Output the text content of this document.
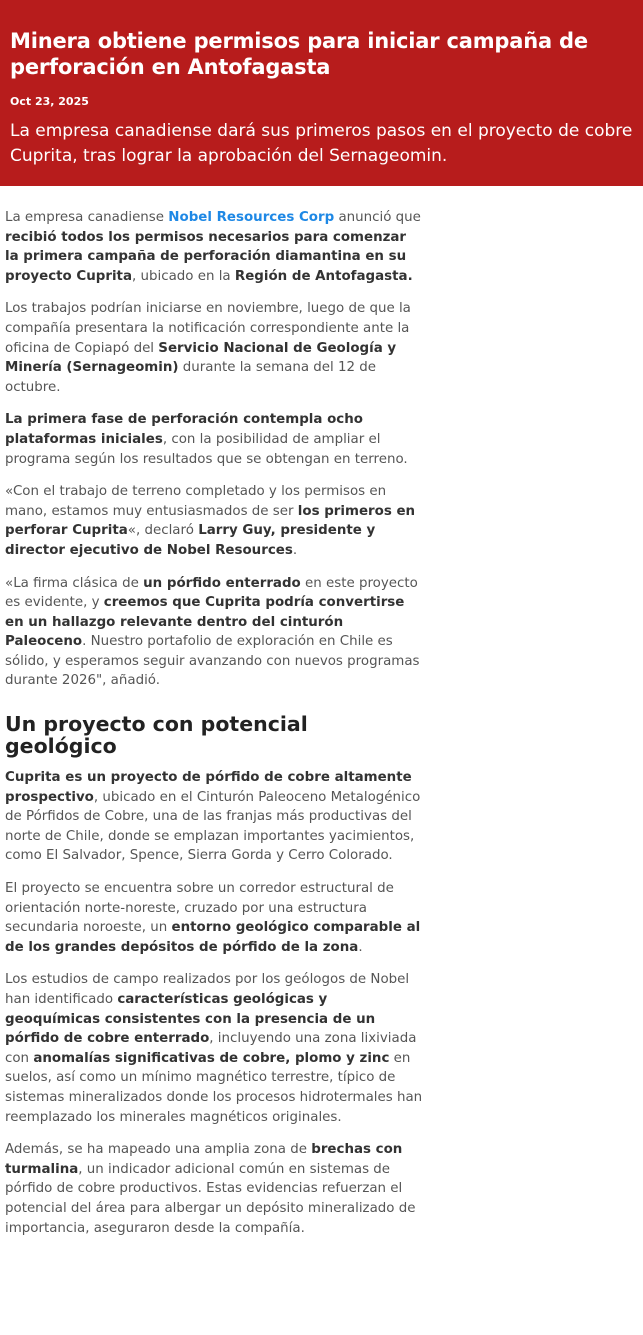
Minera obtiene permisos para iniciar campaña de perforación en Antofagasta
Oct 23, 2025
La empresa canadiense dará sus primeros pasos en el proyecto de cobre Cuprita, tras lograr la aprobación del Sernageomin.

La empresa canadiense Nobel Resources Corp anunció que recibió todos los permisos necesarios para comenzar la primera campaña de perforación diamantina en su proyecto Cuprita, ubicado en la Región de Antofagasta.

Los trabajos podrían iniciarse en noviembre, luego de que la compañía presentara la notificación correspondiente ante la oficina de Copiapó del Servicio Nacional de Geología y Minería (Sernageomin) durante la semana del 12 de octubre.

La primera fase de perforación contempla ocho plataformas iniciales, con la posibilidad de ampliar el programa según los resultados que se obtengan en terreno.

«Con el trabajo de terreno completado y los permisos en mano, estamos muy entusiasmados de ser los primeros en perforar Cuprita«, declaró Larry Guy, presidente y director ejecutivo de Nobel Resources.

«La firma clásica de un pórfido enterrado en este proyecto es evidente, y creemos que Cuprita podría convertirse en un hallazgo relevante dentro del cinturón Paleoceno. Nuestro portafolio de exploración en Chile es sólido, y esperamos seguir avanzando con nuevos programas durante 2026", añadió.

Un proyecto con potencial geológico

Cuprita es un proyecto de pórfido de cobre altamente prospectivo, ubicado en el Cinturón Paleoceno Metalogénico de Pórfidos de Cobre, una de las franjas más productivas del norte de Chile, donde se emplazan importantes yacimientos, como El Salvador, Spence, Sierra Gorda y Cerro Colorado.

El proyecto se encuentra sobre un corredor estructural de orientación norte-noreste, cruzado por una estructura secundaria noroeste, un entorno geológico comparable al de los grandes depósitos de pórfido de la zona.

Los estudios de campo realizados por los geólogos de Nobel han identificado características geológicas y geoquímicas consistentes con la presencia de un pórfido de cobre enterrado, incluyendo una zona lixiviada con anomalías significativas de cobre, plomo y zinc en suelos, así como un mínimo magnético terrestre, típico de sistemas mineralizados donde los procesos hidrotermales han reemplazado los minerales magnéticos originales.

Además, se ha mapeado una amplia zona de brechas con turmalina, un indicador adicional común en sistemas de pórfido de cobre productivos. Estas evidencias refuerzan el potencial del área para albergar un depósito mineralizado de importancia, aseguraron desde la compañía.
